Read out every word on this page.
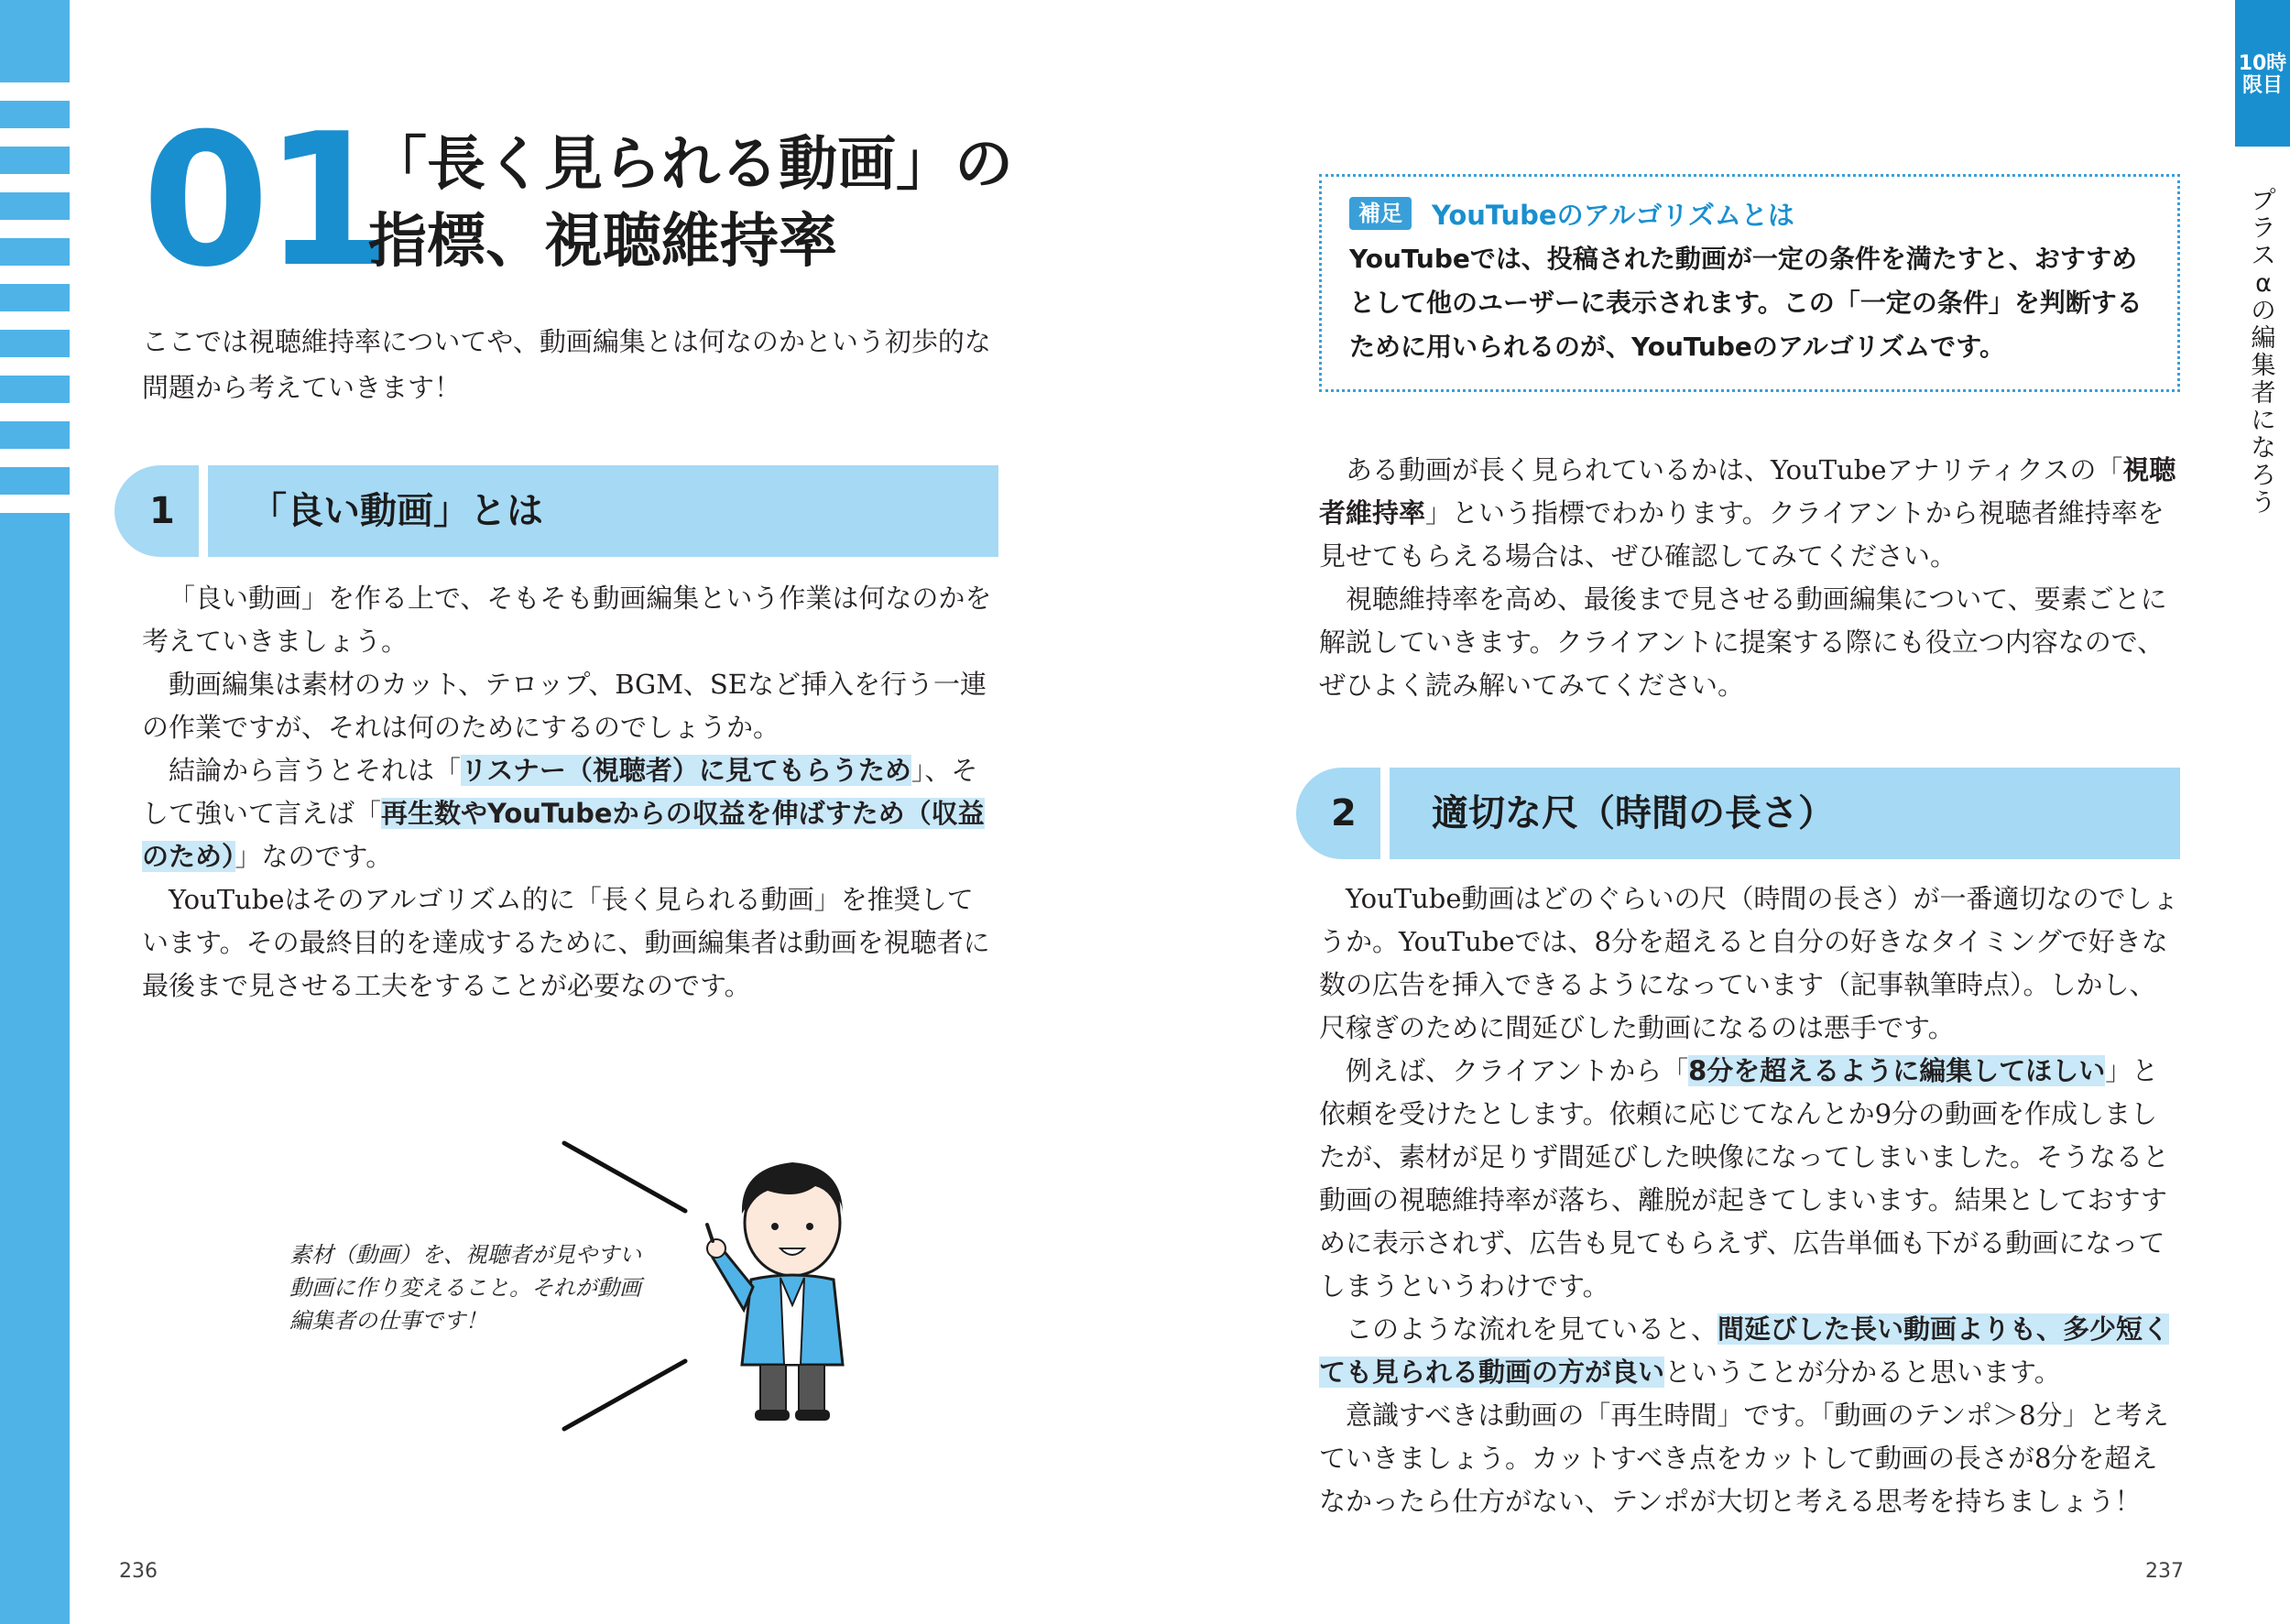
01
「長く見られる動画」の
指標、視聴維持率
ここでは視聴維持率についてや、動画編集とは何なのかという初歩的な問題から考えていきます！
1	「良い動画」とは

「良い動画」を作る上で、そもそも動画編集という作業は何なのかを考えていきましょう。

動画編集は素材のカット、テロップ、BGM、SEなど挿入を行う一連の作業ですが、それは何のためにするのでしょうか。

結論から言うとそれは「リスナー（視聴者）に見てもらうため」、そして強いて言えば「再生数やYouTubeからの収益を伸ばすため（収益のため）」なのです。

YouTubeはそのアルゴリズム的に「長く見られる動画」を推奨しています。その最終目的を達成するために、動画編集者は動画を視聴者に最後まで見させる工夫をすることが必要なのです。

素材（動画）を、視聴者が見やすい
動画に作り変えること。それが動画
編集者の仕事です！
236
補足	YouTubeのアルゴリズムとは
YouTubeでは、投稿された動画が一定の条件を満たすと、おすすめとして他のユーザーに表示されます。この「一定の条件」を判断するために用いられるのが、YouTubeのアルゴリズムです。

ある動画が長く見られているかは、YouTubeアナリティクスの「視聴者維持率」という指標でわかります。クライアントから視聴者維持率を見せてもらえる場合は、ぜひ確認してみてください。

視聴維持率を高め、最後まで見させる動画編集について、要素ごとに解説していきます。クライアントに提案する際にも役立つ内容なので、ぜひよく読み解いてみてください。

2	適切な尺（時間の長さ）

YouTube動画はどのぐらいの尺（時間の長さ）が一番適切なのでしょうか。YouTubeでは、8分を超えると自分の好きなタイミングで好きな数の広告を挿入できるようになっています（記事執筆時点）。しかし、尺稼ぎのために間延びした動画になるのは悪手です。

例えば、クライアントから「8分を超えるように編集してほしい」と依頼を受けたとします。依頼に応じてなんとか9分の動画を作成しましたが、素材が足りず間延びした映像になってしまいました。そうなると動画の視聴維持率が落ち、離脱が起きてしまいます。結果としておすすめに表示されず、広告も見てもらえず、広告単価も下がる動画になってしまうというわけです。

このような流れを見ていると、間延びした長い動画よりも、多少短くても見られる動画の方が良いということが分かると思います。

意識すべきは動画の「再生時間」です。「動画のテンポ＞8分」と考えていきましょう。カットすべき点をカットして動画の長さが8分を超えなかったら仕方がない、テンポが大切と考える思考を持ちましょう！

237
10時限目
プラスαの編集者になろう
